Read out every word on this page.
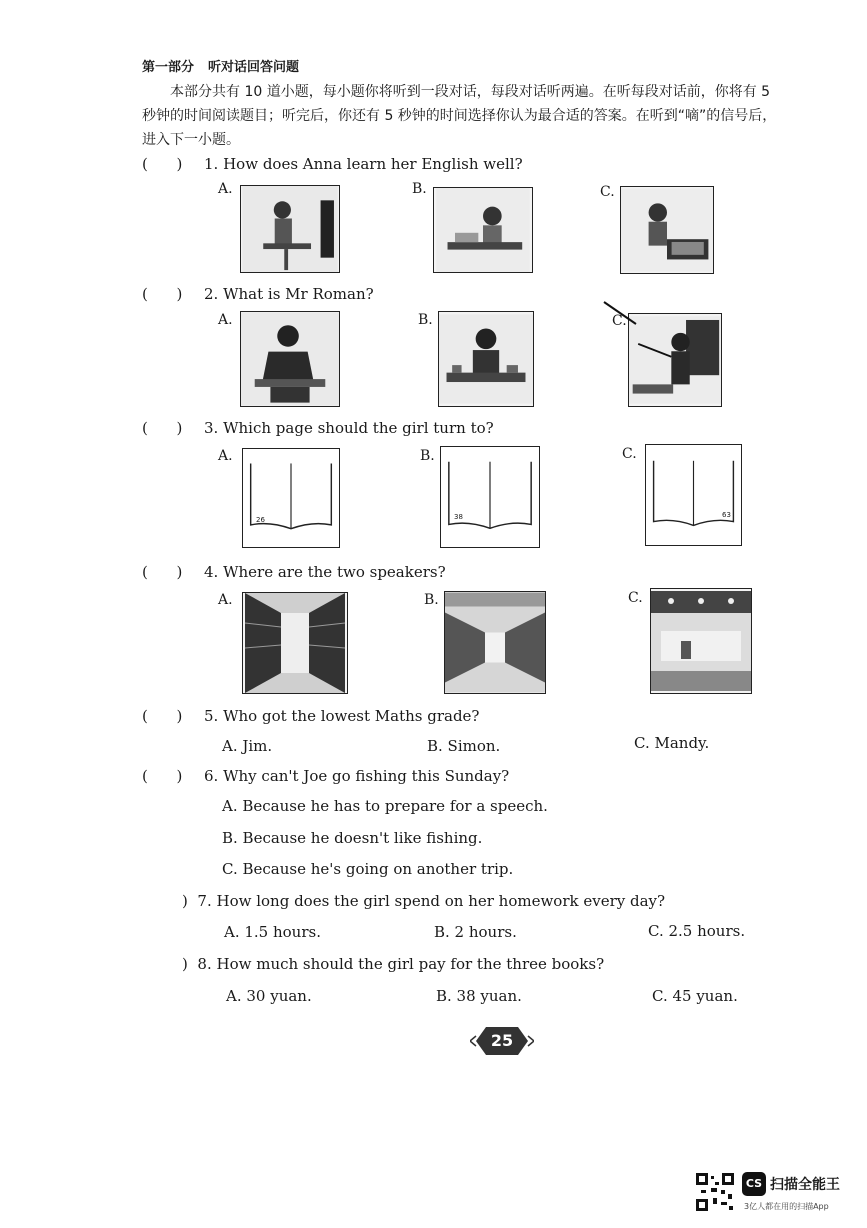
第一部分 听对话回答问题
本部分共有 10 道小题，每小题你将听到一段对话，每段对话听两遍。在听每段对话前，你将有 5 秒钟的时间阅读题目；听完后，你还有 5 秒钟的时间选择你认为最合适的答案。在听到“嘀”的信号后，进入下一小题。
( ) 1. How does Anna learn her English well?
A.	B.	C.
( ) 2. What is Mr Roman?
A.	B.	C.
( ) 3. Which page should the girl turn to?
A.
26
B.
38
C.
63
( ) 4. Where are the two speakers?
A.	B.	C.
( ) 5. Who got the lowest Maths grade?
A. Jim.	B. Simon.	C. Mandy.
( ) 6. Why can't Joe go fishing this Sunday?
A. Because he has to prepare for a speech.
B. Because he doesn't like fishing.
C. Because he's going on another trip.
) 7. How long does the girl spend on her homework every day?
A. 1.5 hours.	B. 2 hours.	C. 2.5 hours.
) 8. How much should the girl pay for the three books?
A. 30 yuan.	B. 38 yuan.	C. 45 yuan.
25
CS 扫描全能王
3亿人都在用的扫描App
